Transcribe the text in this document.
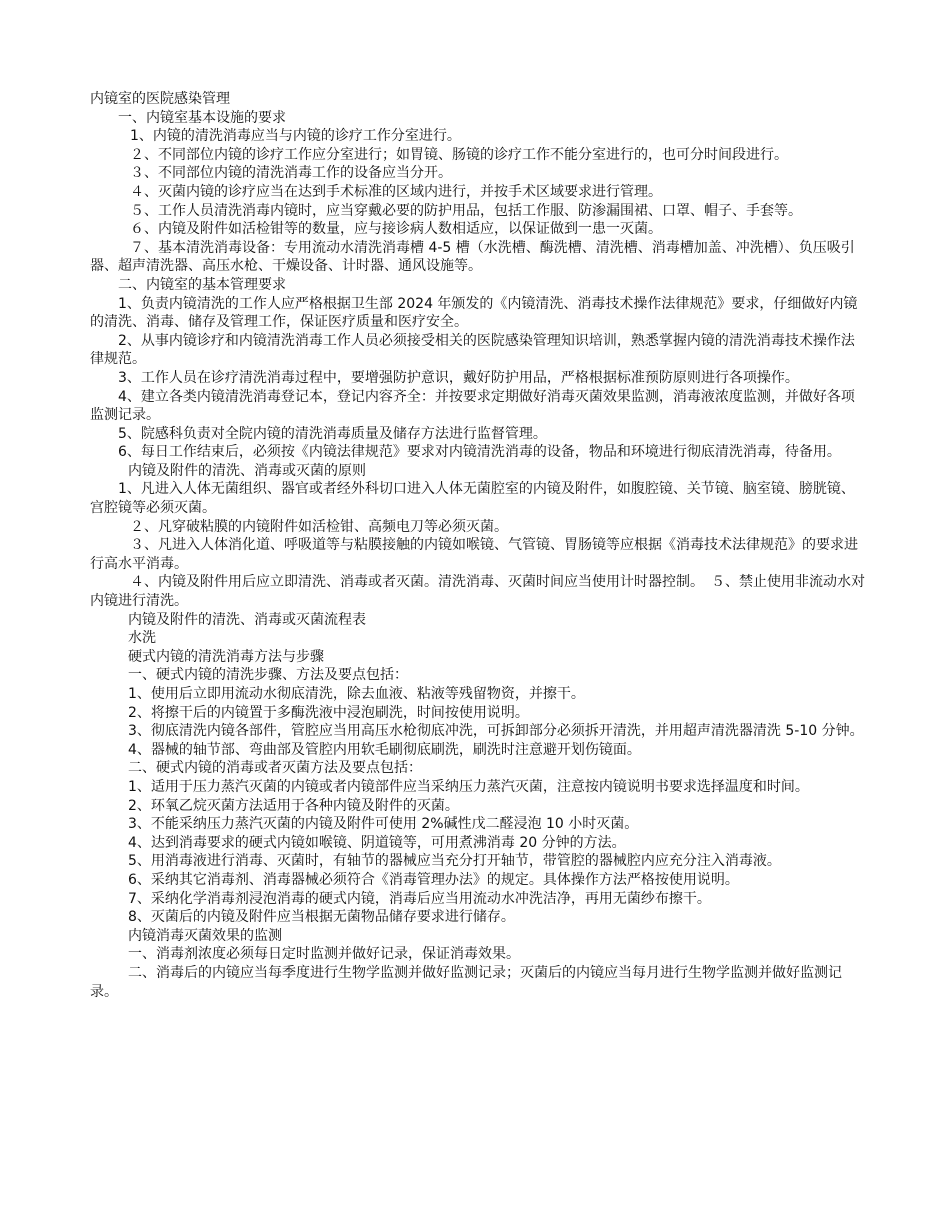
内镜室的医院感染管理

一、内镜室基本设施的要求

1、内镜的清洗消毒应当与内镜的诊疗工作分室进行。

２、不同部位内镜的诊疗工作应分室进行；如胃镜、肠镜的诊疗工作不能分室进行的，也可分时间段进行。

３、不同部位内镜的清洗消毒工作的设备应当分开。

４、灭菌内镜的诊疗应当在达到手术标准的区域内进行，并按手术区域要求进行管理。

５、工作人员清洗消毒内镜时，应当穿戴必要的防护用品，包括工作服、防渗漏围裙、口罩、帽子、手套等。

６、内镜及附件如活检钳等的数量，应与接诊病人数相适应，以保证做到一患一灭菌。

７、基本清洗消毒设备：专用流动水清洗消毒槽 4-5 槽（水洗槽、酶洗槽、清洗槽、消毒槽加盖、冲洗槽）、负压吸引器、超声清洗器、高压水枪、干燥设备、计时器、通风设施等。

二、内镜室的基本管理要求

1、负责内镜清洗的工作人应严格根据卫生部 2024 年颁发的《内镜清洗、消毒技术操作法律规范》要求，仔细做好内镜的清洗、消毒、储存及管理工作，保证医疗质量和医疗安全。

2、从事内镜诊疗和内镜清洗消毒工作人员必须接受相关的医院感染管理知识培训，熟悉掌握内镜的清洗消毒技术操作法律规范。

3、工作人员在诊疗清洗消毒过程中，要增强防护意识，戴好防护用品，严格根据标准预防原则进行各项操作。

4、建立各类内镜清洗消毒登记本，登记内容齐全：并按要求定期做好消毒灭菌效果监测，消毒液浓度监测，并做好各项监测记录。

5、院感科负责对全院内镜的清洗消毒质量及储存方法进行监督管理。

6、每日工作结束后，必须按《内镜法律规范》要求对内镜清洗消毒的设备，物品和环境进行彻底清洗消毒，待备用。

内镜及附件的清洗、消毒或灭菌的原则

1、凡进入人体无菌组织、器官或者经外科切口进入人体无菌腔室的内镜及附件，如腹腔镜、关节镜、脑室镜、膀胱镜、宫腔镜等必须灭菌。

２、凡穿破粘膜的内镜附件如活检钳、高频电刀等必须灭菌。

３、凡进入人体消化道、呼吸道等与粘膜接触的内镜如喉镜、气管镜、胃肠镜等应根据《消毒技术法律规范》的要求进行高水平消毒。

４、内镜及附件用后应立即清洗、消毒或者灭菌。清洗消毒、灭菌时间应当使用计时器控制。　５、禁止使用非流动水对内镜进行清洗。

内镜及附件的清洗、消毒或灭菌流程表

水洗

硬式内镜的清洗消毒方法与步骤

一、硬式内镜的清洗步骤、方法及要点包括：

1、使用后立即用流动水彻底清洗，除去血液、粘液等残留物资，并擦干。

2、将擦干后的内镜置于多酶洗液中浸泡刷洗，时间按使用说明。

3、彻底清洗内镜各部件，管腔应当用高压水枪彻底冲洗，可拆卸部分必须拆开清洗，并用超声清洗器清洗 5-10 分钟。

4、器械的轴节部、弯曲部及管腔内用软毛刷彻底刷洗，刷洗时注意避开划伤镜面。

二、硬式内镜的消毒或者灭菌方法及要点包括：

1、适用于压力蒸汽灭菌的内镜或者内镜部件应当采纳压力蒸汽灭菌，注意按内镜说明书要求选择温度和时间。

2、环氧乙烷灭菌方法适用于各种内镜及附件的灭菌。

3、不能采纳压力蒸汽灭菌的内镜及附件可使用 2%碱性戊二醛浸泡 10 小时灭菌。

4、达到消毒要求的硬式内镜如喉镜、阴道镜等，可用煮沸消毒 20 分钟的方法。

5、用消毒液进行消毒、灭菌时，有轴节的器械应当充分打开轴节，带管腔的器械腔内应充分注入消毒液。

6、采纳其它消毒剂、消毒器械必须符合《消毒管理办法》的规定。具体操作方法严格按使用说明。

7、采纳化学消毒剂浸泡消毒的硬式内镜，消毒后应当用流动水冲洗洁净，再用无菌纱布擦干。

8、灭菌后的内镜及附件应当根据无菌物品储存要求进行储存。

内镜消毒灭菌效果的监测

一、消毒剂浓度必须每日定时监测并做好记录，保证消毒效果。

二、消毒后的内镜应当每季度进行生物学监测并做好监测记录；灭菌后的内镜应当每月进行生物学监测并做好监测记录。
